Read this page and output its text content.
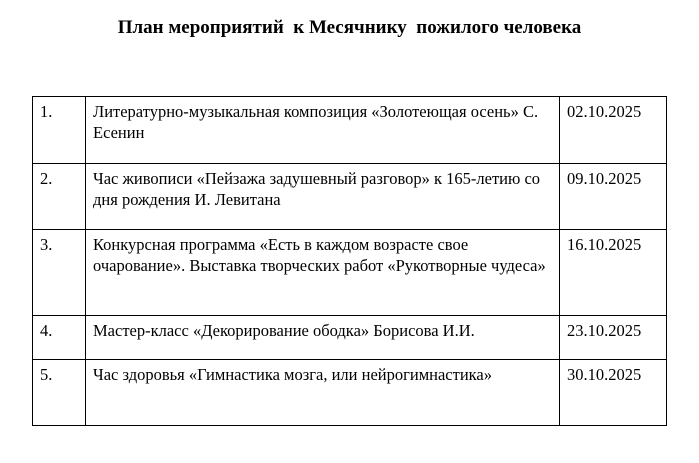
План мероприятий  к Месячнику  пожилого человека
1.	Литературно-музыкальная композиция «Золотеющая осень» С. Есенин	02.10.2025
2.	Час живописи «Пейзажа задушевный разговор» к 165-летию со дня рождения И. Левитана	09.10.2025
3.	Конкурсная программа «Есть в каждом возрасте свое очарование». Выставка творческих работ «Рукотворные чудеса»	16.10.2025
4.	Мастер-класс «Декорирование ободка» Борисова И.И.	23.10.2025
5.	Час здоровья «Гимнастика мозга, или нейрогимнастика»	30.10.2025
